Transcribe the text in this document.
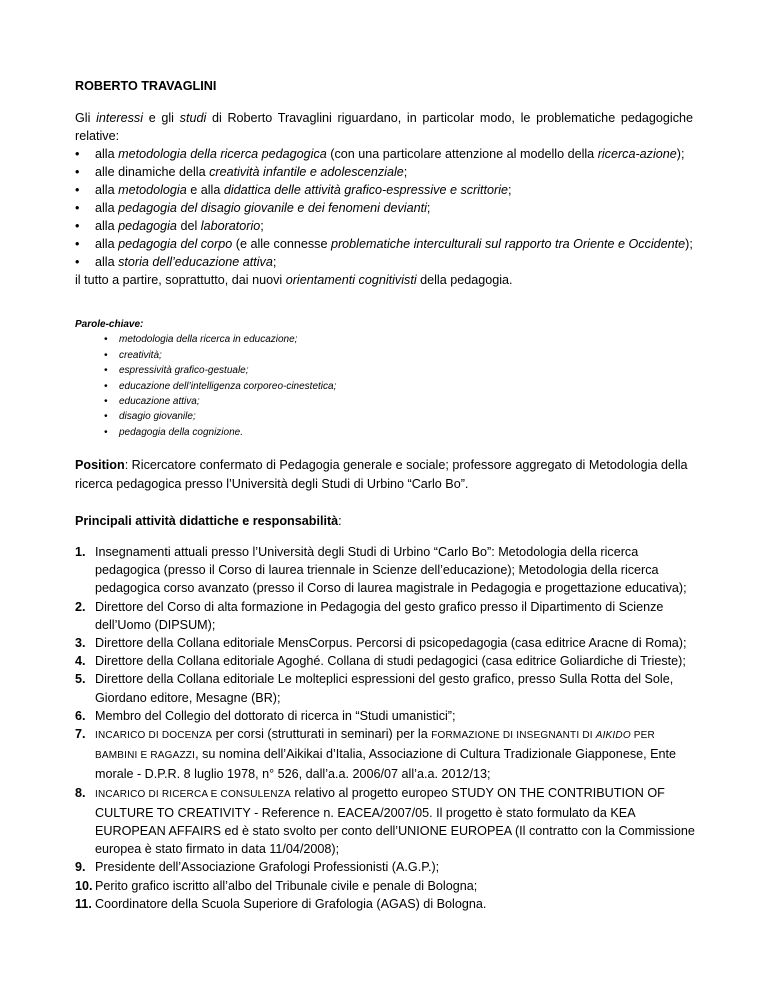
ROBERTO TRAVAGLINI

Gli interessi e gli studi di Roberto Travaglini riguardano, in particolar modo, le problematiche pedagogiche relative:

• alla metodologia della ricerca pedagogica (con una particolare attenzione al modello della ricerca-azione);
• alle dinamiche della creatività infantile e adolescenziale;
• alla metodologia e alla didattica delle attività grafico-espressive e scrittorie;
• alla pedagogia del disagio giovanile e dei fenomeni devianti;
• alla pedagogia del laboratorio;
• alla pedagogia del corpo (e alle connesse problematiche interculturali sul rapporto tra Oriente e Occidente);
• alla storia dell’educazione attiva;

il tutto a partire, soprattutto, dai nuovi orientamenti cognitivisti della pedagogia.

Parole-chiave:

• metodologia della ricerca in educazione;
• creatività;
• espressività grafico-gestuale;
• educazione dell’intelligenza corporeo-cinestetica;
• educazione attiva;
• disagio giovanile;
• pedagogia della cognizione.

Position: Ricercatore confermato di Pedagogia generale e sociale; professore aggregato di Metodologia della ricerca pedagogica presso l’Università degli Studi di Urbino “Carlo Bo”.

Principali attività didattiche e responsabilità:

1. Insegnamenti attuali presso l’Università degli Studi di Urbino “Carlo Bo”: Metodologia della ricerca pedagogica (presso il Corso di laurea triennale in Scienze dell’educazione); Metodologia della ricerca pedagogica corso avanzato (presso il Corso di laurea magistrale in Pedagogia e progettazione educativa);
2. Direttore del Corso di alta formazione in Pedagogia del gesto grafico presso il Dipartimento di Scienze dell’Uomo (DIPSUM);
3. Direttore della Collana editoriale MensCorpus. Percorsi di psicopedagogia (casa editrice Aracne di Roma);
4. Direttore della Collana editoriale Agoghé. Collana di studi pedagogici (casa editrice Goliardiche di Trieste);
5. Direttore della Collana editoriale Le molteplici espressioni del gesto grafico, presso Sulla Rotta del Sole, Giordano editore, Mesagne (BR);
6. Membro del Collegio del dottorato di ricerca in “Studi umanistici”;
7. INCARICO DI DOCENZA per corsi (strutturati in seminari) per la FORMAZIONE DI INSEGNANTI DI AIKIDO PER BAMBINI E RAGAZZI, su nomina dell’Aikikai d’Italia, Associazione di Cultura Tradizionale Giapponese, Ente morale - D.P.R. 8 luglio 1978, n° 526, dall’a.a. 2006/07 all’a.a. 2012/13;
8. INCARICO DI RICERCA E CONSULENZA relativo al progetto europeo STUDY ON THE CONTRIBUTION OF CULTURE TO CREATIVITY - Reference n. EACEA/2007/05. Il progetto è stato formulato da KEA EUROPEAN AFFAIRS ed è stato svolto per conto dell’UNIONE EUROPEA (Il contratto con la Commissione europea è stato firmato in data 11/04/2008);
9. Presidente dell’Associazione Grafologi Professionisti (A.G.P.);
10. Perito grafico iscritto all’albo del Tribunale civile e penale di Bologna;
11. Coordinatore della Scuola Superiore di Grafologia (AGAS) di Bologna.
